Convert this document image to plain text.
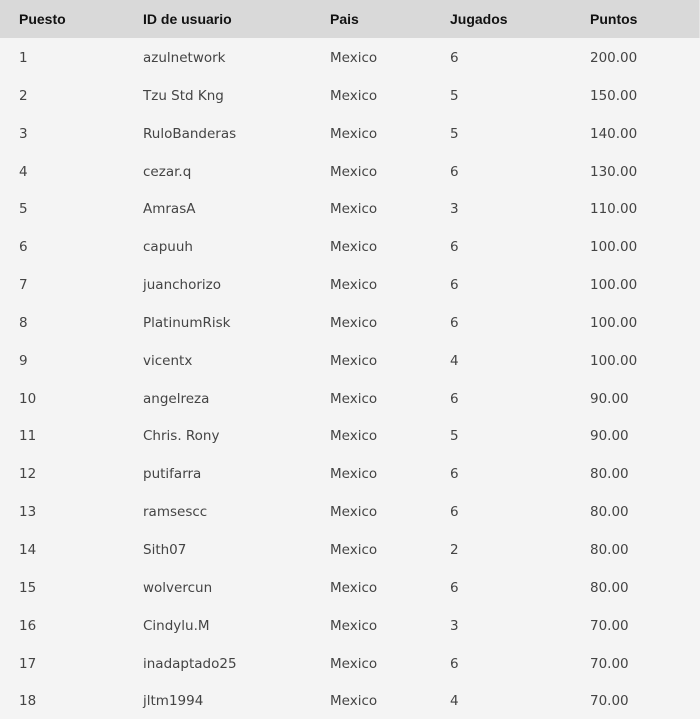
Puesto	ID de usuario	Pais	Jugados	Puntos
1	azulnetwork	Mexico	6	200.00
2	Tzu Std Kng	Mexico	5	150.00
3	RuloBanderas	Mexico	5	140.00
4	cezar.q	Mexico	6	130.00
5	AmrasA	Mexico	3	110.00
6	capuuh	Mexico	6	100.00
7	juanchorizo	Mexico	6	100.00
8	PlatinumRisk	Mexico	6	100.00
9	vicentx	Mexico	4	100.00
10	angelreza	Mexico	6	90.00
11	Chris. Rony	Mexico	5	90.00
12	putifarra	Mexico	6	80.00
13	ramsescc	Mexico	6	80.00
14	Sith07	Mexico	2	80.00
15	wolvercun	Mexico	6	80.00
16	Cindylu.M	Mexico	3	70.00
17	inadaptado25	Mexico	6	70.00
18	jltm1994	Mexico	4	70.00
